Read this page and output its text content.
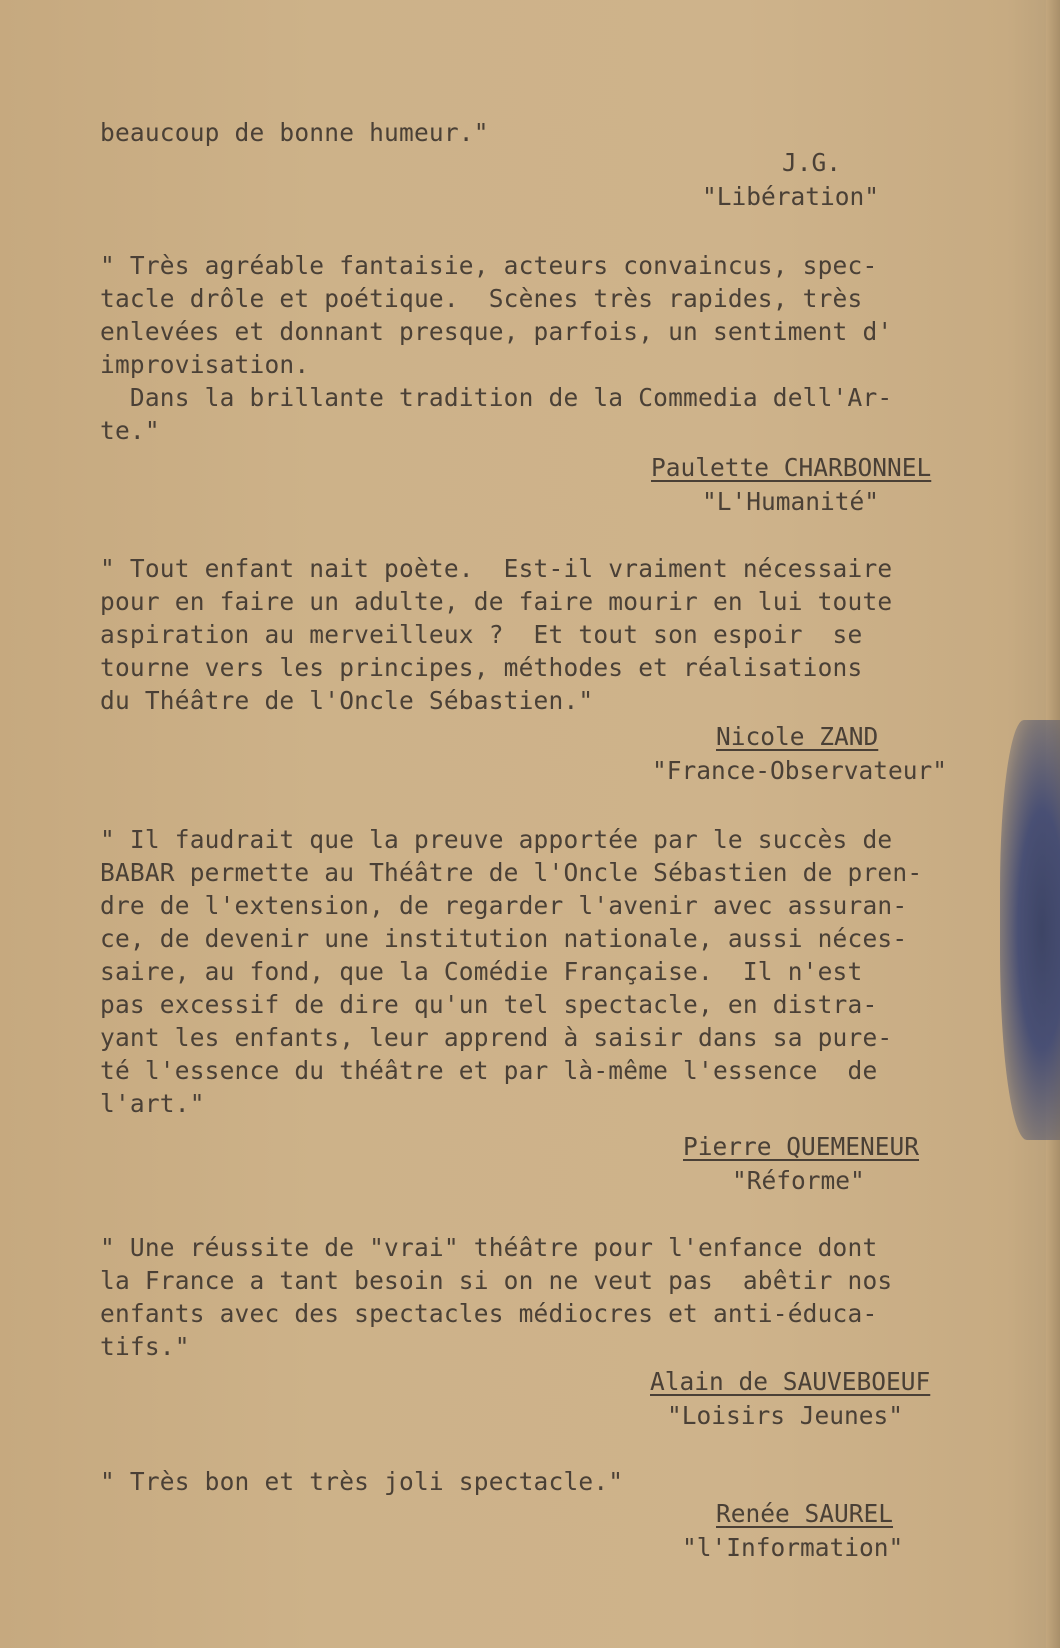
beaucoup de bonne humeur."
J.G.
"Libération"
" Très agréable fantaisie, acteurs convaincus, spec-
tacle drôle et poétique.  Scènes très rapides, très
enlevées et donnant presque, parfois, un sentiment d'
improvisation.
Dans la brillante tradition de la Commedia dell'Ar-
te."
Paulette CHARBONNEL
"L'Humanité"
" Tout enfant nait poète.  Est-il vraiment nécessaire
pour en faire un adulte, de faire mourir en lui toute
aspiration au merveilleux ?  Et tout son espoir  se
tourne vers les principes, méthodes et réalisations
du Théâtre de l'Oncle Sébastien."
Nicole ZAND
"France-Observateur"
" Il faudrait que la preuve apportée par le succès de
BABAR permette au Théâtre de l'Oncle Sébastien de pren-
dre de l'extension, de regarder l'avenir avec assuran-
ce, de devenir une institution nationale, aussi néces-
saire, au fond, que la Comédie Française.  Il n'est
pas excessif de dire qu'un tel spectacle, en distra-
yant les enfants, leur apprend à saisir dans sa pure-
té l'essence du théâtre et par là-même l'essence  de
l'art."
Pierre QUEMENEUR
"Réforme"
" Une réussite de "vrai" théâtre pour l'enfance dont
la France a tant besoin si on ne veut pas  abêtir nos
enfants avec des spectacles médiocres et anti-éduca-
tifs."
Alain de SAUVEBOEUF
"Loisirs Jeunes"
" Très bon et très joli spectacle."
Renée SAUREL
"l'Information"
